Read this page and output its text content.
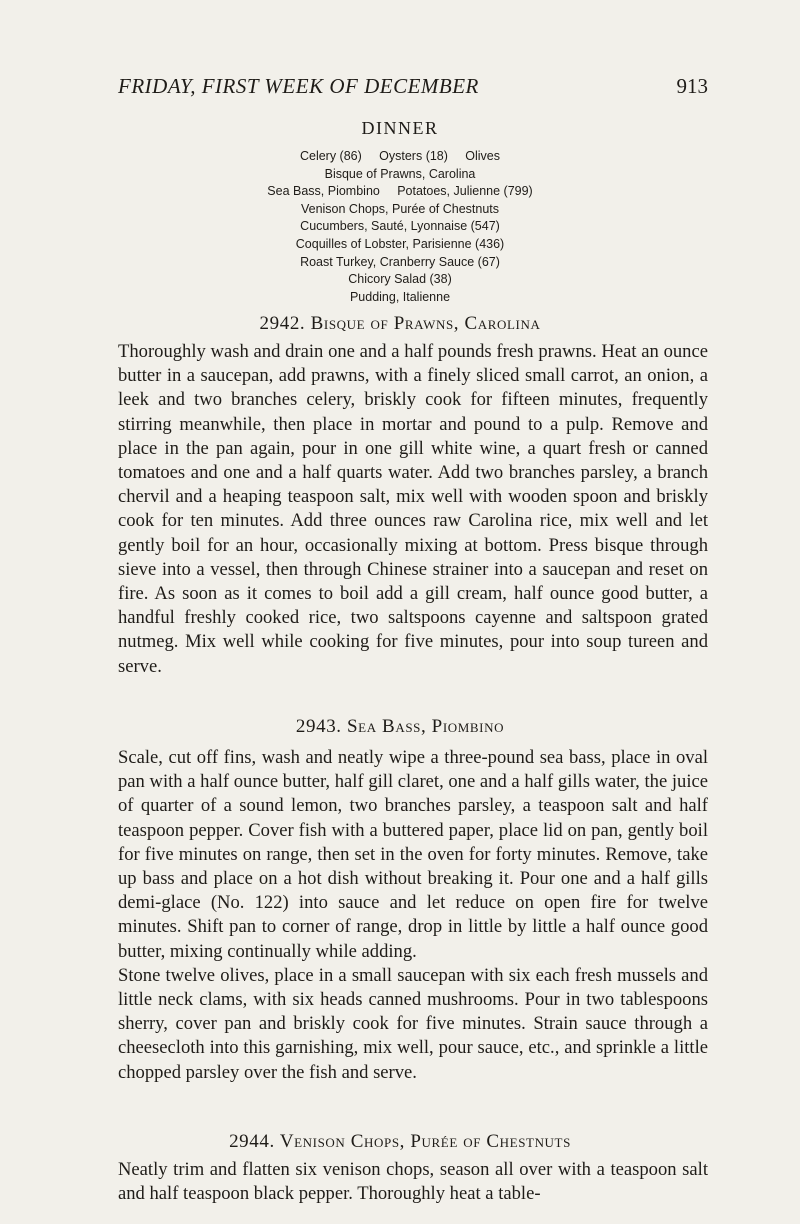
FRIDAY, FIRST WEEK OF DECEMBER	913
DINNER
Celery (86)     Oysters (18)     Olives
Bisque of Prawns, Carolina
Sea Bass, Piombino     Potatoes, Julienne (799)
Venison Chops, Purée of Chestnuts
Cucumbers, Sauté, Lyonnaise (547)
Coquilles of Lobster, Parisienne (436)
Roast Turkey, Cranberry Sauce (67)
Chicory Salad (38)
Pudding, Italienne
2942. Bisque of Prawns, Carolina

Thoroughly wash and drain one and a half pounds fresh prawns. Heat an ounce butter in a saucepan, add prawns, with a finely sliced small carrot, an onion, a leek and two branches celery, briskly cook for fifteen minutes, frequently stirring meanwhile, then place in mortar and pound to a pulp. Remove and place in the pan again, pour in one gill white wine, a quart fresh or canned tomatoes and one and a half quarts water. Add two branches parsley, a branch chervil and a heaping teaspoon salt, mix well with wooden spoon and briskly cook for ten minutes. Add three ounces raw Carolina rice, mix well and let gently boil for an hour, occasionally mixing at bottom. Press bisque through sieve into a vessel, then through Chinese strainer into a saucepan and reset on fire. As soon as it comes to boil add a gill cream, half ounce good butter, a handful freshly cooked rice, two saltspoons cayenne and saltspoon grated nutmeg. Mix well while cooking for five minutes, pour into soup tureen and serve.

2943. Sea Bass, Piombino

Scale, cut off fins, wash and neatly wipe a three-pound sea bass, place in oval pan with a half ounce butter, half gill claret, one and a half gills water, the juice of quarter of a sound lemon, two branches parsley, a teaspoon salt and half teaspoon pepper. Cover fish with a buttered paper, place lid on pan, gently boil for five minutes on range, then set in the oven for forty minutes. Remove, take up bass and place on a hot dish without breaking it. Pour one and a half gills demi-glace (No. 122) into sauce and let reduce on open fire for twelve minutes. Shift pan to corner of range, drop in little by little a half ounce good butter, mixing continually while adding.

Stone twelve olives, place in a small saucepan with six each fresh mussels and little neck clams, with six heads canned mushrooms. Pour in two tablespoons sherry, cover pan and briskly cook for five minutes. Strain sauce through a cheesecloth into this garnishing, mix well, pour sauce, etc., and sprinkle a little chopped parsley over the fish and serve.

2944. Venison Chops, Purée of Chestnuts

Neatly trim and flatten six venison chops, season all over with a teaspoon salt and half teaspoon black pepper. Thoroughly heat a table-
